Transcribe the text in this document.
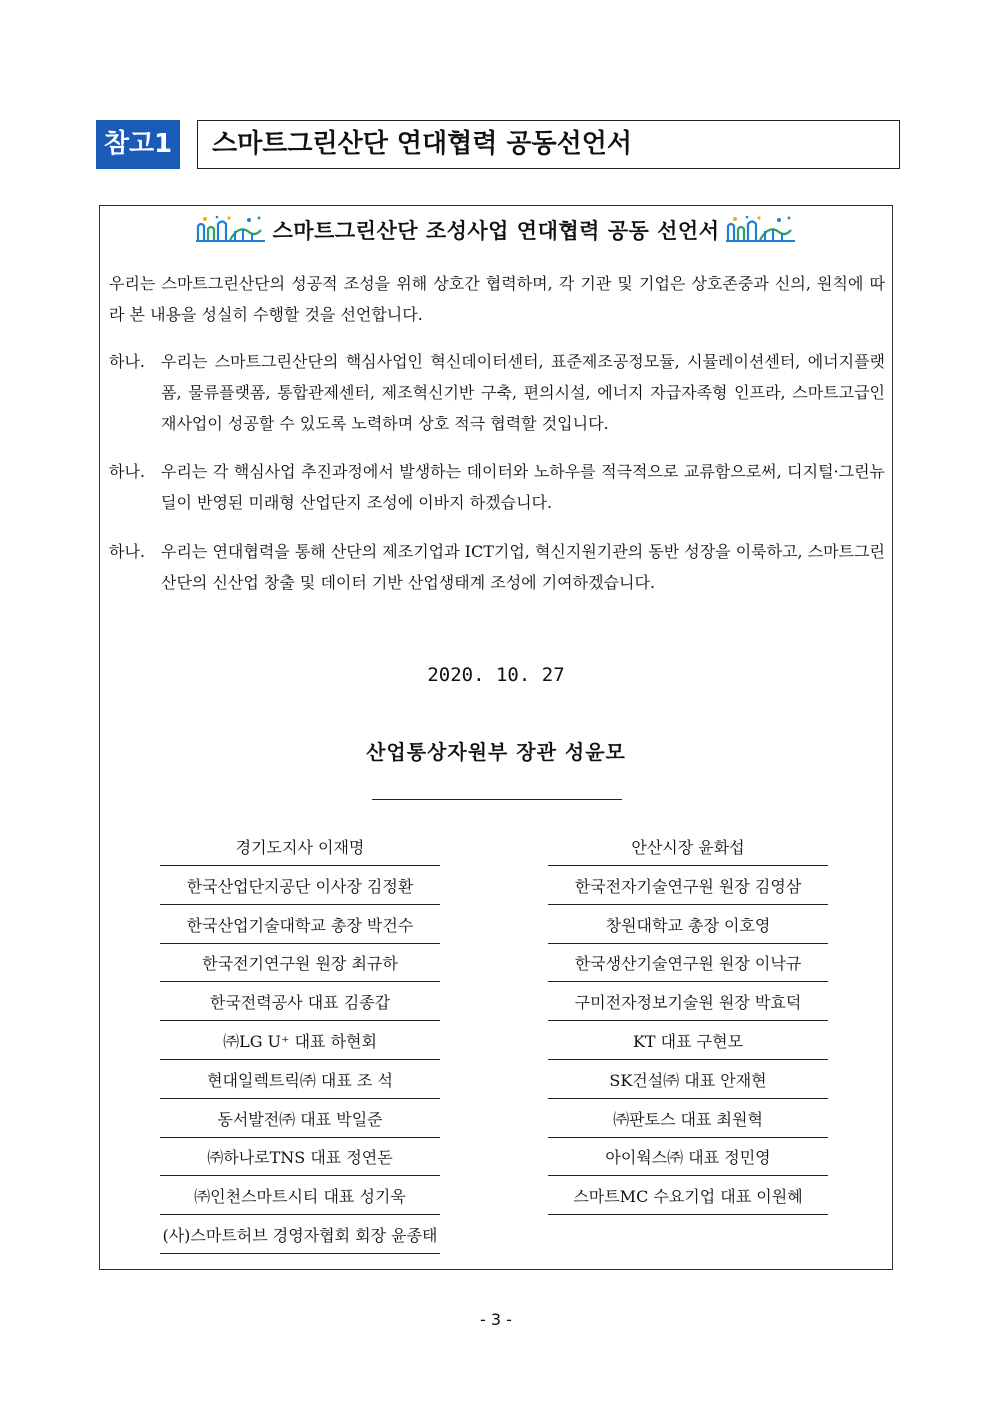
참고1	스마트그린산단 연대협력 공동선언서
스마트그린산단 조성사업 연대협력 공동 선언서

우리는 스마트그린산단의 성공적 조성을 위해 상호간 협력하며, 각 기관 및 기업은 상호존중과 신의, 원칙에 따라 본 내용을 성실히 수행할 것을 선언합니다.

하나. 우리는 스마트그린산단의 핵심사업인 혁신데이터센터, 표준제조공정모듈, 시뮬레이션센터, 에너지플랫폼, 물류플랫폼, 통합관제센터, 제조혁신기반 구축, 편의시설, 에너지 자급자족형 인프라, 스마트고급인재사업이 성공할 수 있도록 노력하며 상호 적극 협력할 것입니다.

하나. 우리는 각 핵심사업 추진과정에서 발생하는 데이터와 노하우를 적극적으로 교류함으로써, 디지털·그린뉴딜이 반영된 미래형 산업단지 조성에 이바지 하겠습니다.

하나. 우리는 연대협력을 통해 산단의 제조기업과 ICT기업, 혁신지원기관의 동반 성장을 이룩하고, 스마트그린산단의 신산업 창출 및 데이터 기반 산업생태계 조성에 기여하겠습니다.

2020. 10. 27
산업통상자원부 장관 성윤모
경기도지사 이재명
한국산업단지공단 이사장 김정환
한국산업기술대학교 총장 박건수
한국전기연구원 원장 최규하
한국전력공사 대표 김종갑
㈜LG U⁺ 대표 하현회
현대일렉트릭㈜ 대표 조 석
동서발전㈜ 대표 박일준
㈜하나로TNS 대표 정연돈
㈜인천스마트시티 대표 성기욱
(사)스마트허브 경영자협회 회장 윤종태
안산시장 윤화섭
한국전자기술연구원 원장 김영삼
창원대학교 총장 이호영
한국생산기술연구원 원장 이낙규
구미전자정보기술원 원장 박효덕
KT 대표 구현모
SK건설㈜ 대표 안재현
㈜판토스 대표 최원혁
아이웍스㈜ 대표 정민영
스마트MC 수요기업 대표 이원혜
- 3 -
